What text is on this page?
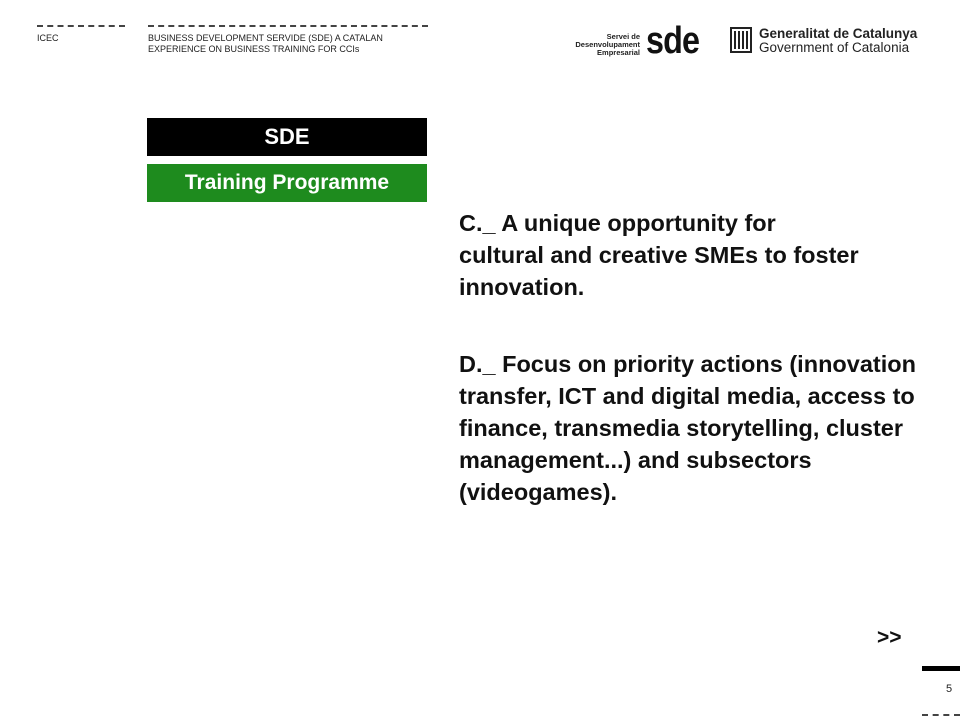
ICEC	BUSINESS DEVELOPMENT SERVIDE (SDE) A CATALAN
EXPERIENCE ON BUSINESS TRAINING FOR CCIs
Servei de
Desenvolupament
Empresarial sde	Generalitat de Catalunya
Government of Catalonia
SDE
Training Programme

C._ A unique opportunity for cultural and creative SMEs to foster innovation.

D._ Focus on priority actions (innovation transfer, ICT and digital media, access to finance, transmedia storytelling, cluster management...) and subsectors (videogames).

>>
5
